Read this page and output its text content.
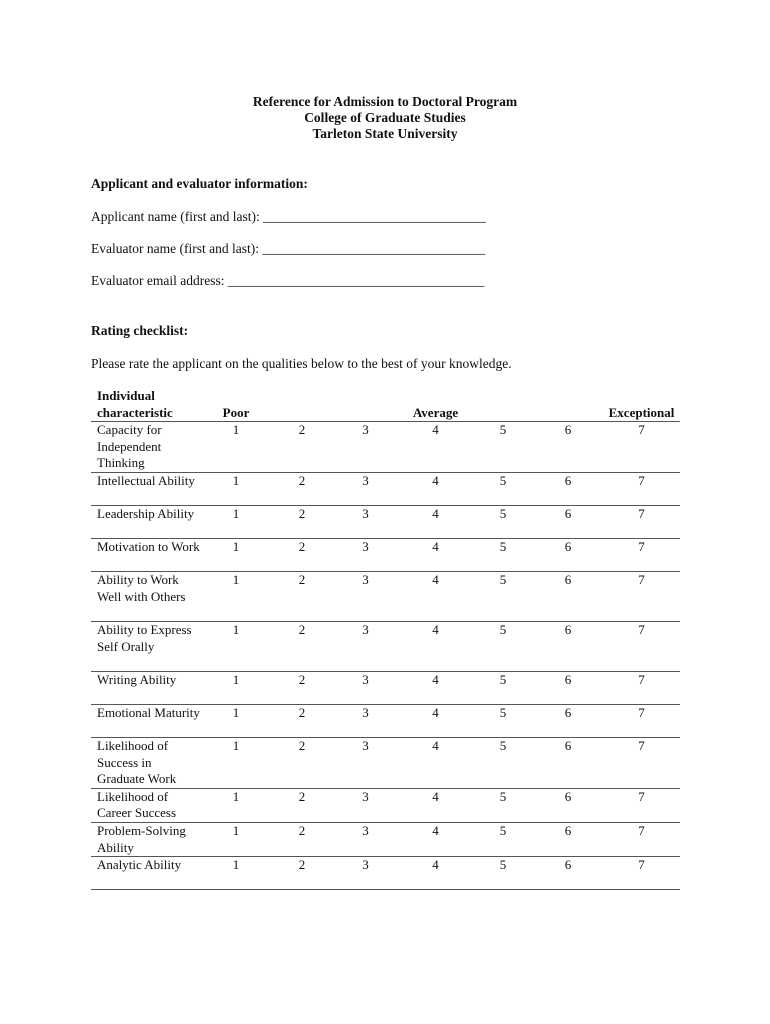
Reference for Admission to Doctoral Program
College of Graduate Studies
Tarleton State University
Applicant and evaluator information:
Applicant name (first and last): _________________________________
Evaluator name (first and last): _________________________________
Evaluator email address: ______________________________________
Rating checklist:
Please rate the applicant on the qualities below to the best of your knowledge.
Individual
characteristic	Poor			Average			Exceptional
Capacity for Independent Thinking	1	2	3	4	5	6	7
Intellectual Ability	1	2	3	4	5	6	7
Leadership Ability	1	2	3	4	5	6	7
Motivation to Work	1	2	3	4	5	6	7
Ability to Work Well with Others	1	2	3	4	5	6	7
Ability to Express Self Orally	1	2	3	4	5	6	7
Writing Ability	1	2	3	4	5	6	7
Emotional Maturity	1	2	3	4	5	6	7
Likelihood of Success in Graduate Work	1	2	3	4	5	6	7
Likelihood of Career Success	1	2	3	4	5	6	7
Problem-Solving Ability	1	2	3	4	5	6	7
Analytic Ability	1	2	3	4	5	6	7
